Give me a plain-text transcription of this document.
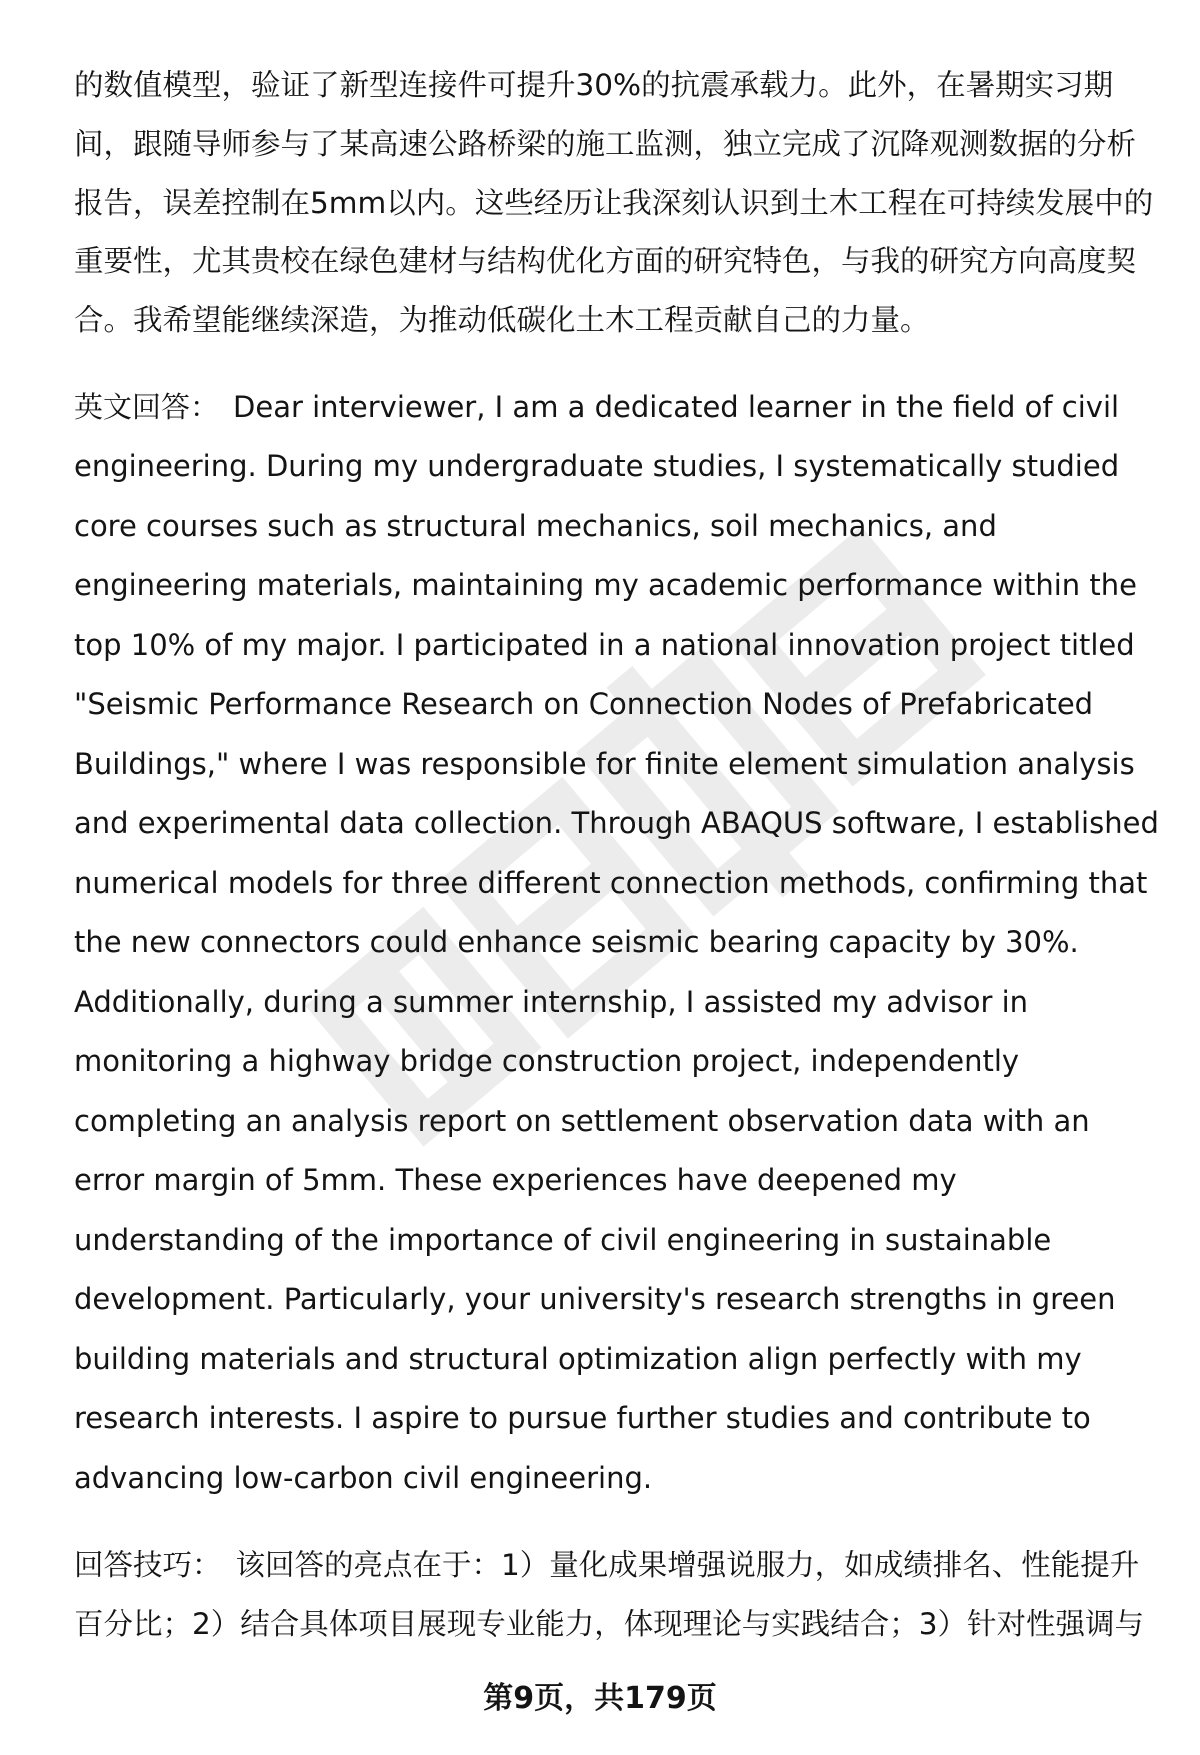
的数值模型，验证了新型连接件可提升30%的抗震承载力。此外，在暑期实习期间，跟随导师参与了某高速公路桥梁的施工监测，独立完成了沉降观测数据的分析报告，误差控制在5mm以内。这些经历让我深刻认识到土木工程在可持续发展中的重要性，尤其贵校在绿色建材与结构优化方面的研究特色，与我的研究方向高度契合。我希望能继续深造，为推动低碳化土木工程贡献自己的力量。

英文回答： Dear interviewer, I am a dedicated learner in the field of civil engineering. During my undergraduate studies, I systematically studied core courses such as structural mechanics, soil mechanics, and engineering materials, maintaining my academic performance within the top 10% of my major. I participated in a national innovation project titled "Seismic Performance Research on Connection Nodes of Prefabricated Buildings," where I was responsible for finite element simulation analysis and experimental data collection. Through ABAQUS software, I established numerical models for three different connection methods, confirming that the new connectors could enhance seismic bearing capacity by 30%. Additionally, during a summer internship, I assisted my advisor in monitoring a highway bridge construction project, independently completing an analysis report on settlement observation data with an error margin of 5mm. These experiences have deepened my understanding of the importance of civil engineering in sustainable development. Particularly, your university's research strengths in green building materials and structural optimization align perfectly with my research interests. I aspire to pursue further studies and contribute to advancing low-carbon civil engineering.

回答技巧： 该回答的亮点在于：1）量化成果增强说服力，如成绩排名、性能提升百分比；2）结合具体项目展现专业能力，体现理论与实践结合；3）针对性强调与

第9页，共179页
